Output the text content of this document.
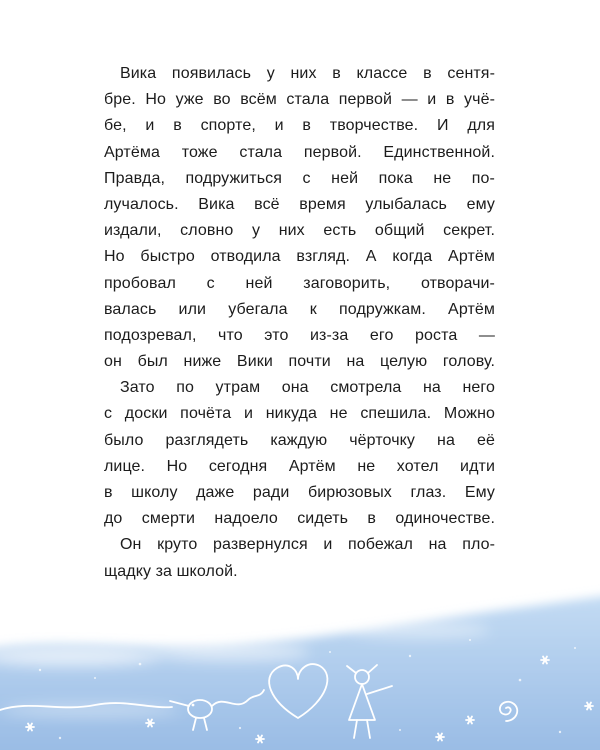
Вика появилась у них в классе в сентя-
бре. Но уже во всём стала первой — и в учё-
бе, и в спорте, и в творчестве. И для
Артёма тоже стала первой. Единственной.
Правда, подружиться с ней пока не по-
лучалось. Вика всё время улыбалась ему
издали, словно у них есть общий секрет.
Но быстро отводила взгляд. А когда Артём
пробовал с ней заговорить, отворачи-
валась или убегала к подружкам. Артём
подозревал, что это из-за его роста —
он был ниже Вики почти на целую голову.
Зато по утрам она смотрела на него
с доски почёта и никуда не спешила. Можно
было разглядеть каждую чёрточку на её
лице. Но сегодня Артём не хотел идти
в школу даже ради бирюзовых глаз. Ему
до смерти надоело сидеть в одиночестве.
Он круто развернулся и побежал на пло-
щадку за школой.
